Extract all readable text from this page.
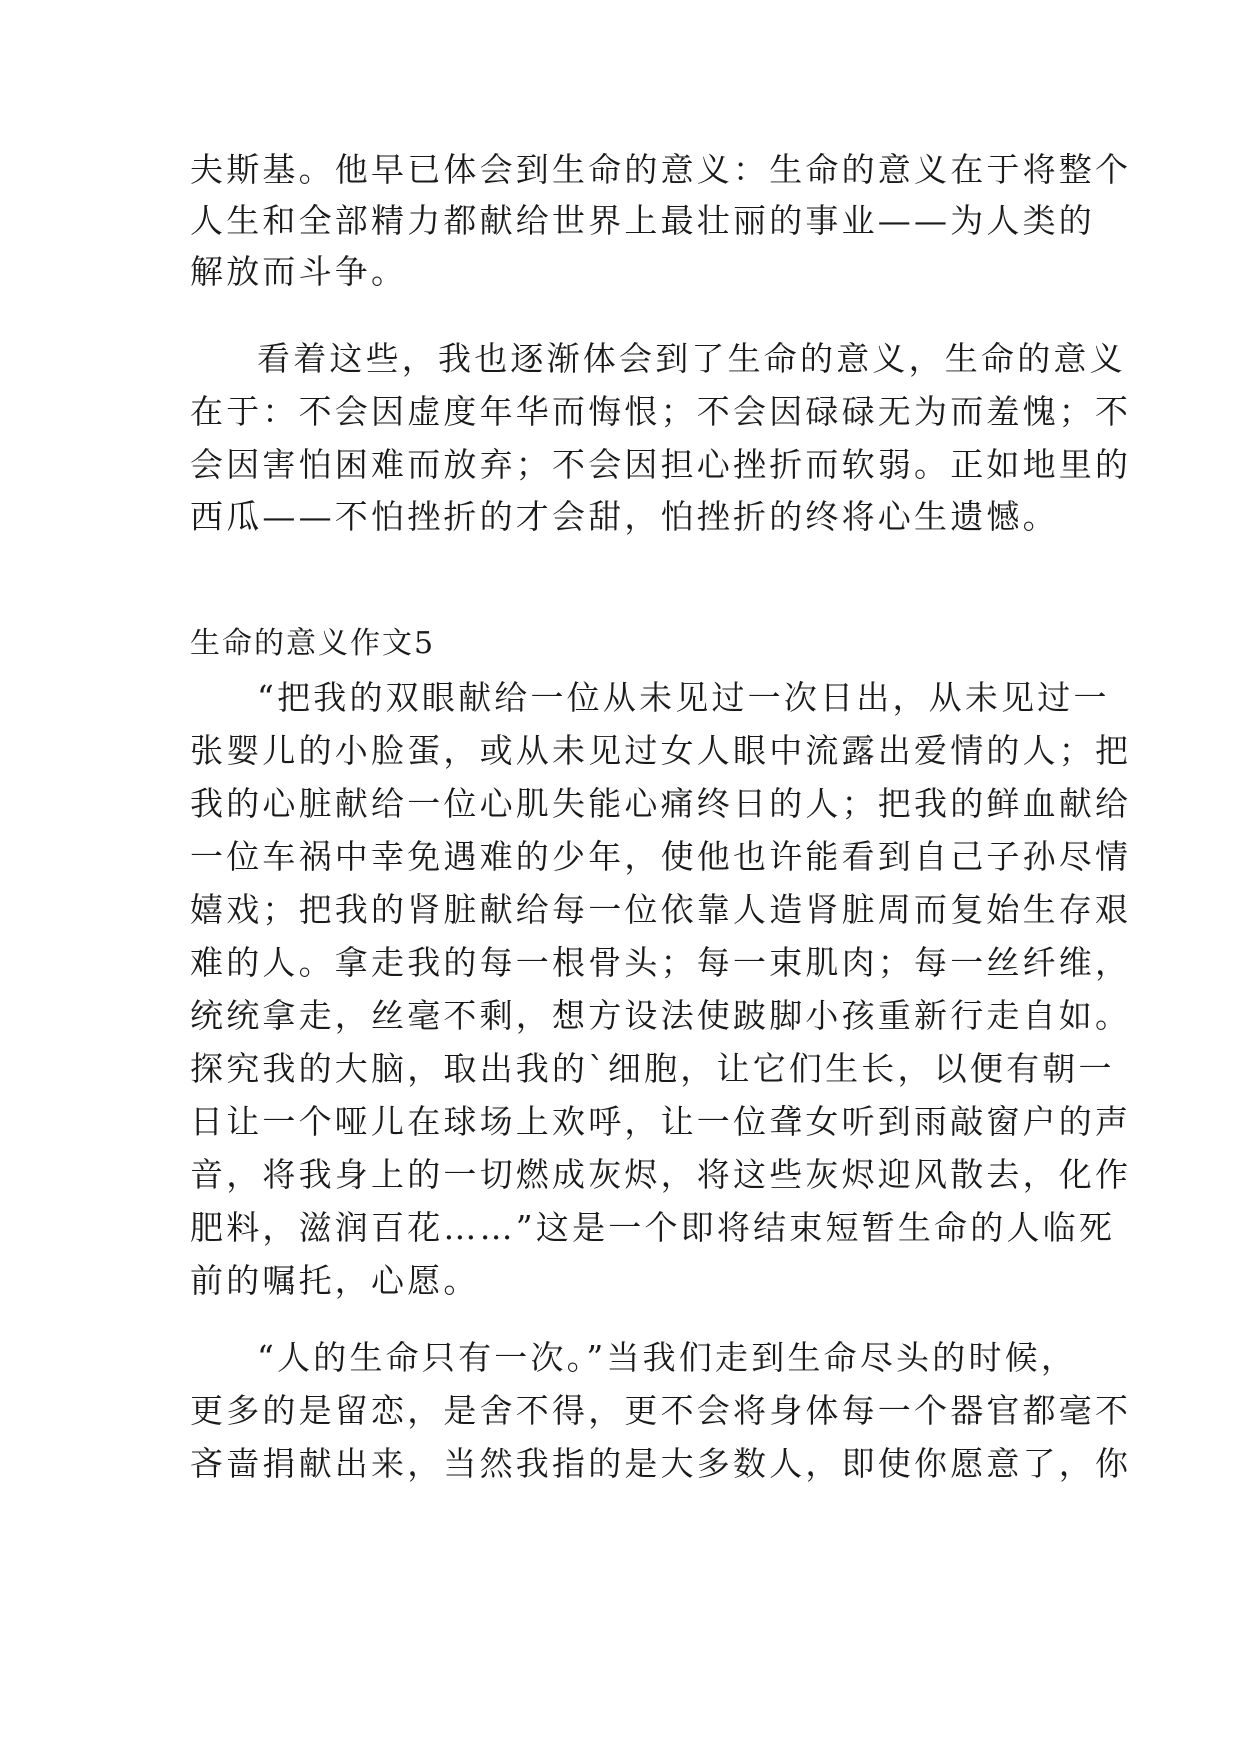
夫斯基。他早已体会到生命的意义：生命的意义在于将整个
人生和全部精力都献给世界上最壮丽的事业——为人类的
解放而斗争。
看着这些，我也逐渐体会到了生命的意义，生命的意义
在于：不会因虚度年华而悔恨；不会因碌碌无为而羞愧；不
会因害怕困难而放弃；不会因担心挫折而软弱。正如地里的
西瓜——不怕挫折的才会甜，怕挫折的终将心生遗憾。
生命的意义作文5
“把我的双眼献给一位从未见过一次日出，从未见过一
张婴儿的小脸蛋，或从未见过女人眼中流露出爱情的人；把
我的心脏献给一位心肌失能心痛终日的人；把我的鲜血献给
一位车祸中幸免遇难的少年，使他也许能看到自己子孙尽情
嬉戏；把我的肾脏献给每一位依靠人造肾脏周而复始生存艰
难的人。拿走我的每一根骨头；每一束肌肉；每一丝纤维，
统统拿走，丝毫不剩，想方设法使跛脚小孩重新行走自如。
探究我的大脑，取出我的`细胞，让它们生长，以便有朝一
日让一个哑儿在球场上欢呼，让一位聋女听到雨敲窗户的声
音，将我身上的一切燃成灰烬，将这些灰烬迎风散去，化作
肥料，滋润百花……”这是一个即将结束短暂生命的人临死
前的嘱托，心愿。
“人的生命只有一次。”当我们走到生命尽头的时候，
更多的是留恋，是舍不得，更不会将身体每一个器官都毫不
吝啬捐献出来，当然我指的是大多数人，即使你愿意了，你
